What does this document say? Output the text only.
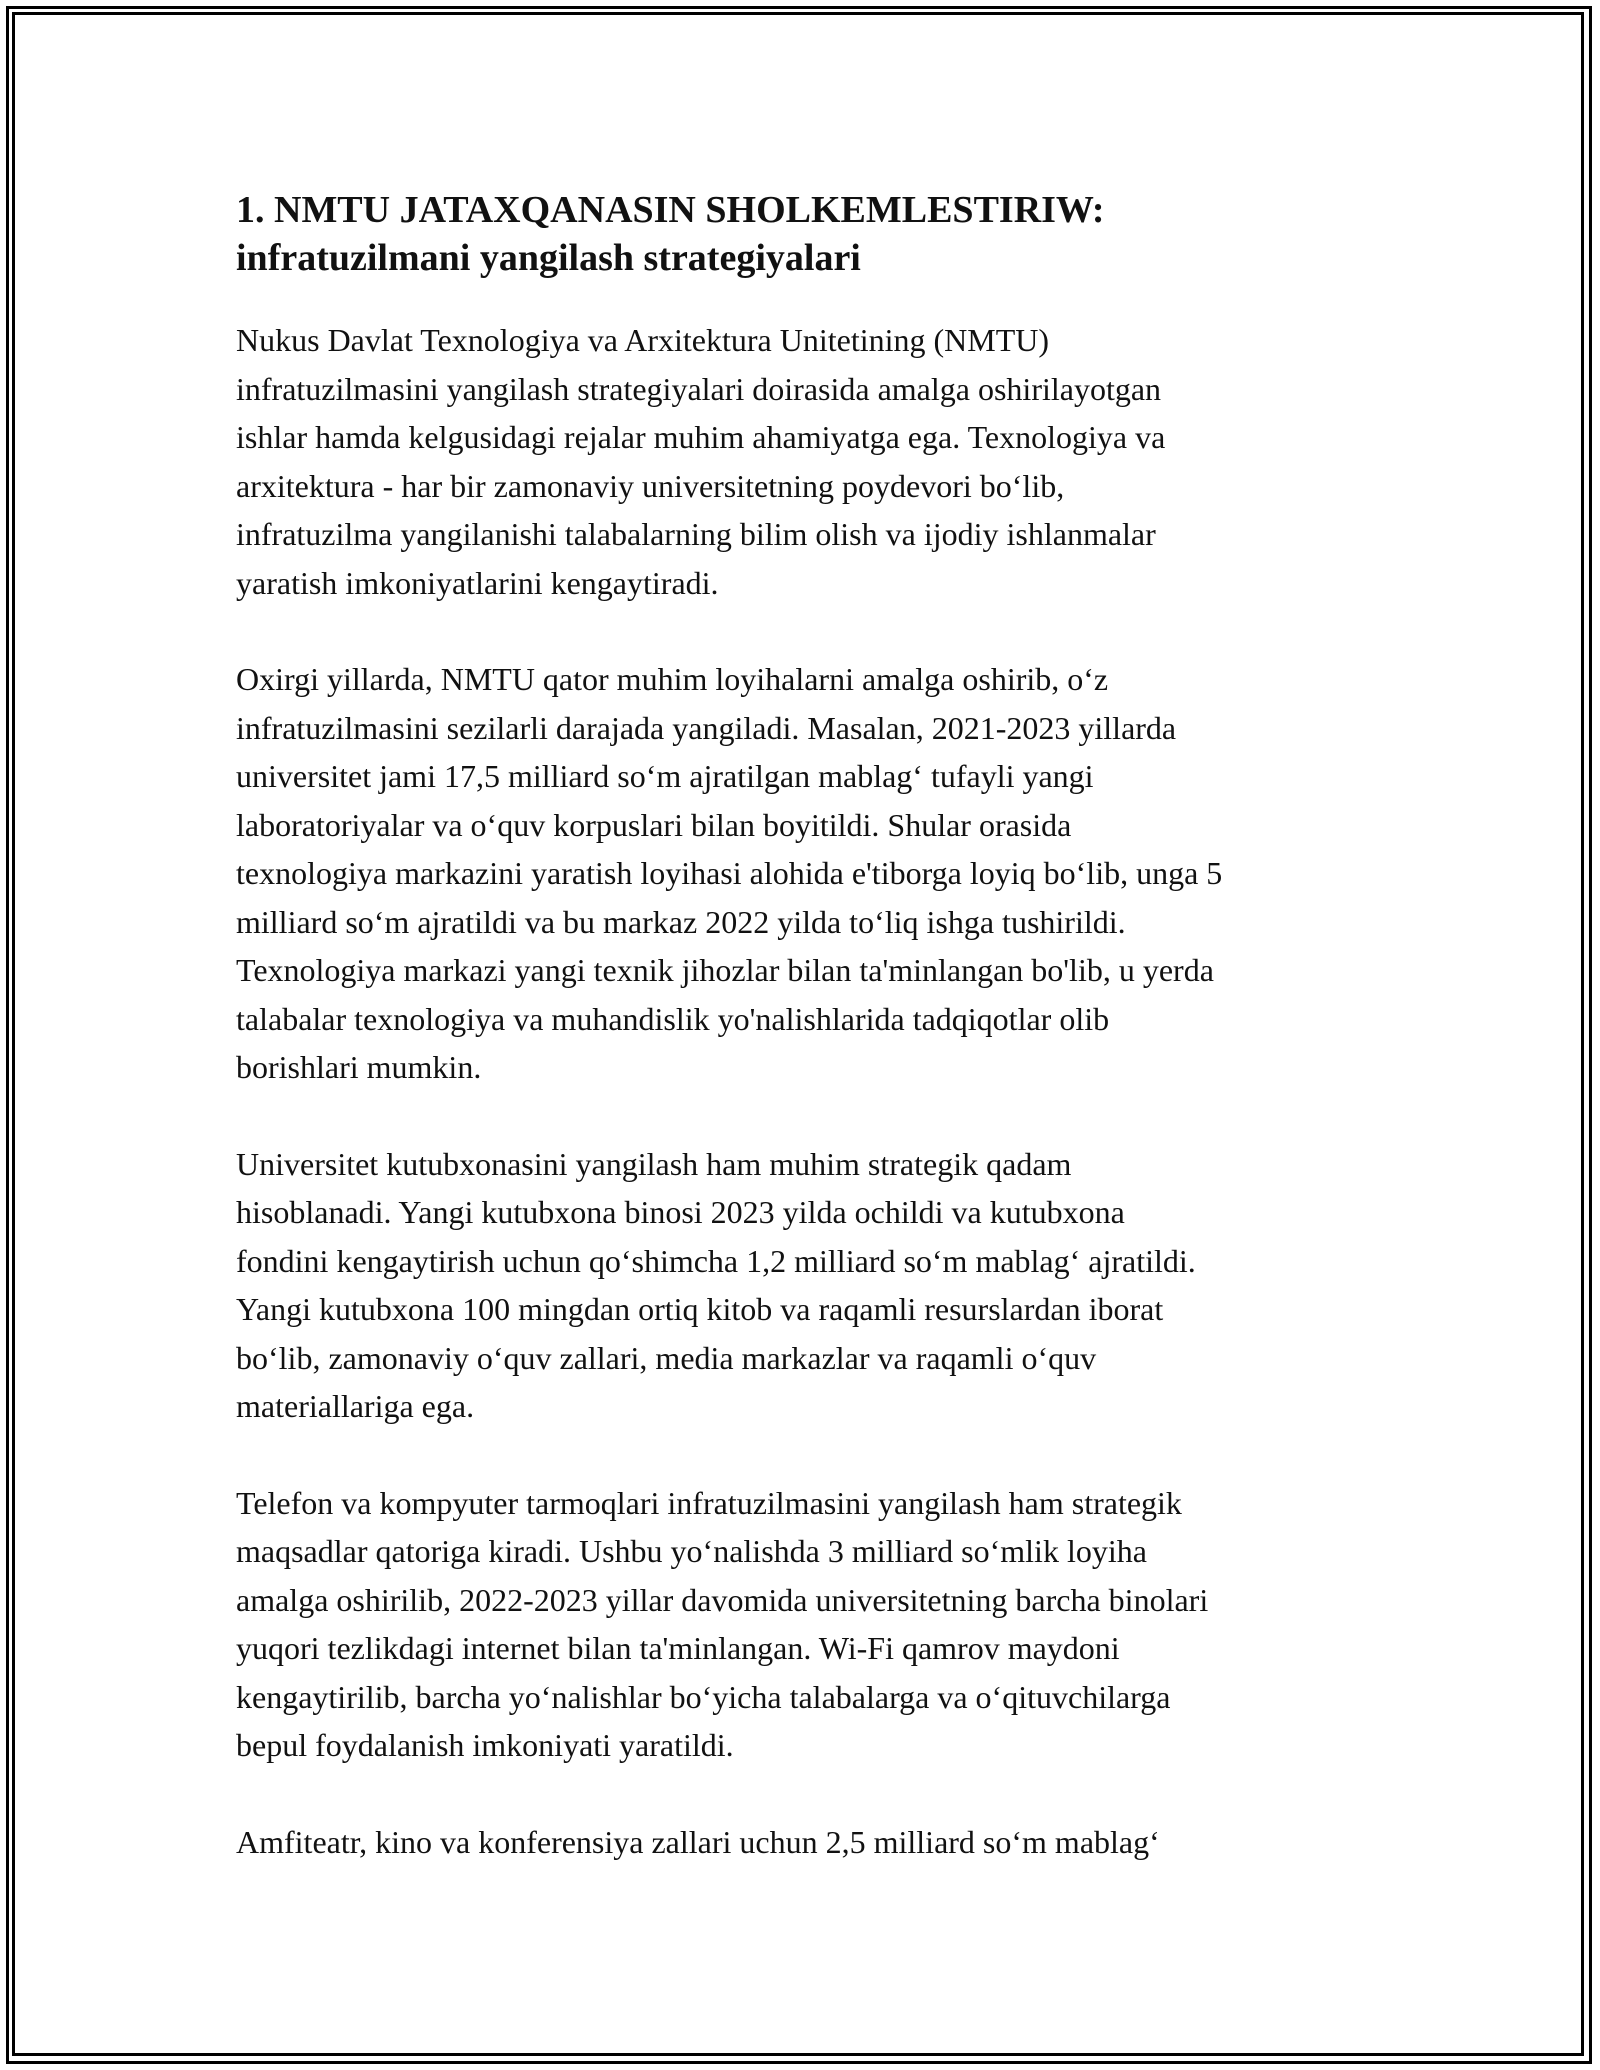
1. NMTU JATAXQANASIN SHOLKEMLESTIRIW:
infratuzilmani yangilash strategiyalari

Nukus Davlat Texnologiya va Arxitektura Unitetining (NMTU)
infratuzilmasini yangilash strategiyalari doirasida amalga oshirilayotgan
ishlar hamda kelgusidagi rejalar muhim ahamiyatga ega. Texnologiya va
arxitektura - har bir zamonaviy universitetning poydevori boʻlib,
infratuzilma yangilanishi talabalarning bilim olish va ijodiy ishlanmalar
yaratish imkoniyatlarini kengaytiradi.

Oxirgi yillarda, NMTU qator muhim loyihalarni amalga oshirib, oʻz
infratuzilmasini sezilarli darajada yangiladi. Masalan, 2021-2023 yillarda
universitet jami 17,5 milliard soʻm ajratilgan mablagʻ tufayli yangi
laboratoriyalar va oʻquv korpuslari bilan boyitildi. Shular orasida
texnologiya markazini yaratish loyihasi alohida e'tiborga loyiq boʻlib, unga 5
milliard soʻm ajratildi va bu markaz 2022 yilda toʻliq ishga tushirildi.
Texnologiya markazi yangi texnik jihozlar bilan ta'minlangan bo'lib, u yerda
talabalar texnologiya va muhandislik yo'nalishlarida tadqiqotlar olib
borishlari mumkin.

Universitet kutubxonasini yangilash ham muhim strategik qadam
hisoblanadi. Yangi kutubxona binosi 2023 yilda ochildi va kutubxona
fondini kengaytirish uchun qoʻshimcha 1,2 milliard soʻm mablagʻ ajratildi.
Yangi kutubxona 100 mingdan ortiq kitob va raqamli resurslardan iborat
boʻlib, zamonaviy oʻquv zallari, media markazlar va raqamli oʻquv
materiallariga ega.

Telefon va kompyuter tarmoqlari infratuzilmasini yangilash ham strategik
maqsadlar qatoriga kiradi. Ushbu yoʻnalishda 3 milliard soʻmlik loyiha
amalga oshirilib, 2022-2023 yillar davomida universitetning barcha binolari
yuqori tezlikdagi internet bilan ta'minlangan. Wi-Fi qamrov maydoni
kengaytirilib, barcha yoʻnalishlar boʻyicha talabalarga va oʻqituvchilarga
bepul foydalanish imkoniyati yaratildi.

Amfiteatr, kino va konferensiya zallari uchun 2,5 milliard soʻm mablagʻ
